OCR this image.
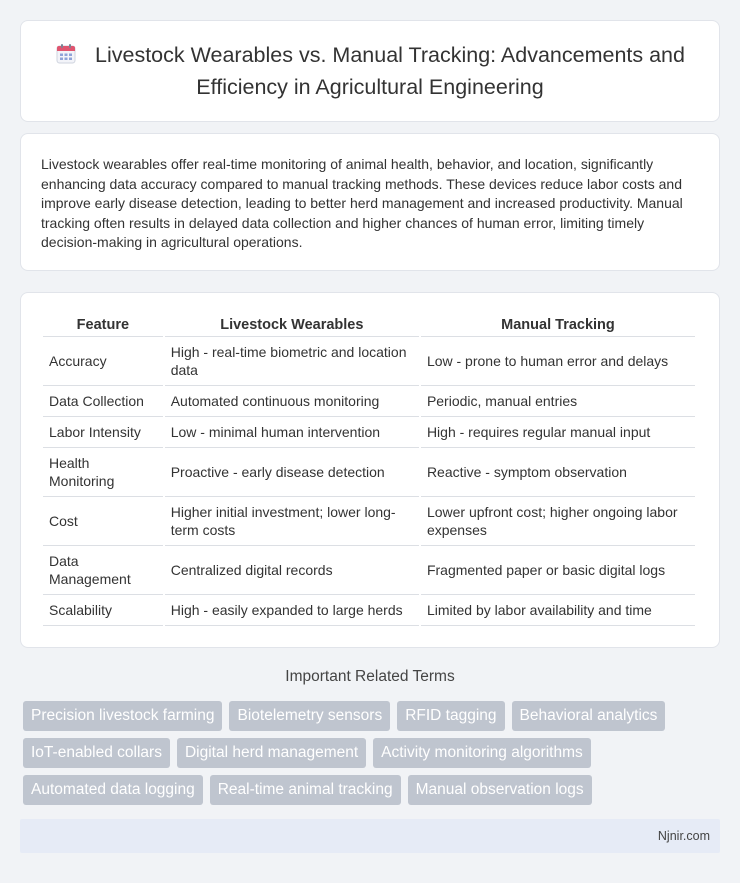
Livestock Wearables vs. Manual Tracking: Advancements and Efficiency in Agricultural Engineering

Livestock wearables offer real-time monitoring of animal health, behavior, and location, significantly enhancing data accuracy compared to manual tracking methods. These devices reduce labor costs and improve early disease detection, leading to better herd management and increased productivity. Manual tracking often results in delayed data collection and higher chances of human error, limiting timely decision-making in agricultural operations.

Feature	Livestock Wearables	Manual Tracking
Accuracy	High - real-time biometric and location data	Low - prone to human error and delays
Data Collection	Automated continuous monitoring	Periodic, manual entries
Labor Intensity	Low - minimal human intervention	High - requires regular manual input
Health Monitoring	Proactive - early disease detection	Reactive - symptom observation
Cost	Higher initial investment; lower long-term costs	Lower upfront cost; higher ongoing labor expenses
Data Management	Centralized digital records	Fragmented paper or basic digital logs
Scalability	High - easily expanded to large herds	Limited by labor availability and time
Important Related Terms
Precision livestock farming	Biotelemetry sensors	RFID tagging	Behavioral analytics
IoT-enabled collars	Digital herd management	Activity monitoring algorithms
Automated data logging	Real-time animal tracking	Manual observation logs
Njnir.com
